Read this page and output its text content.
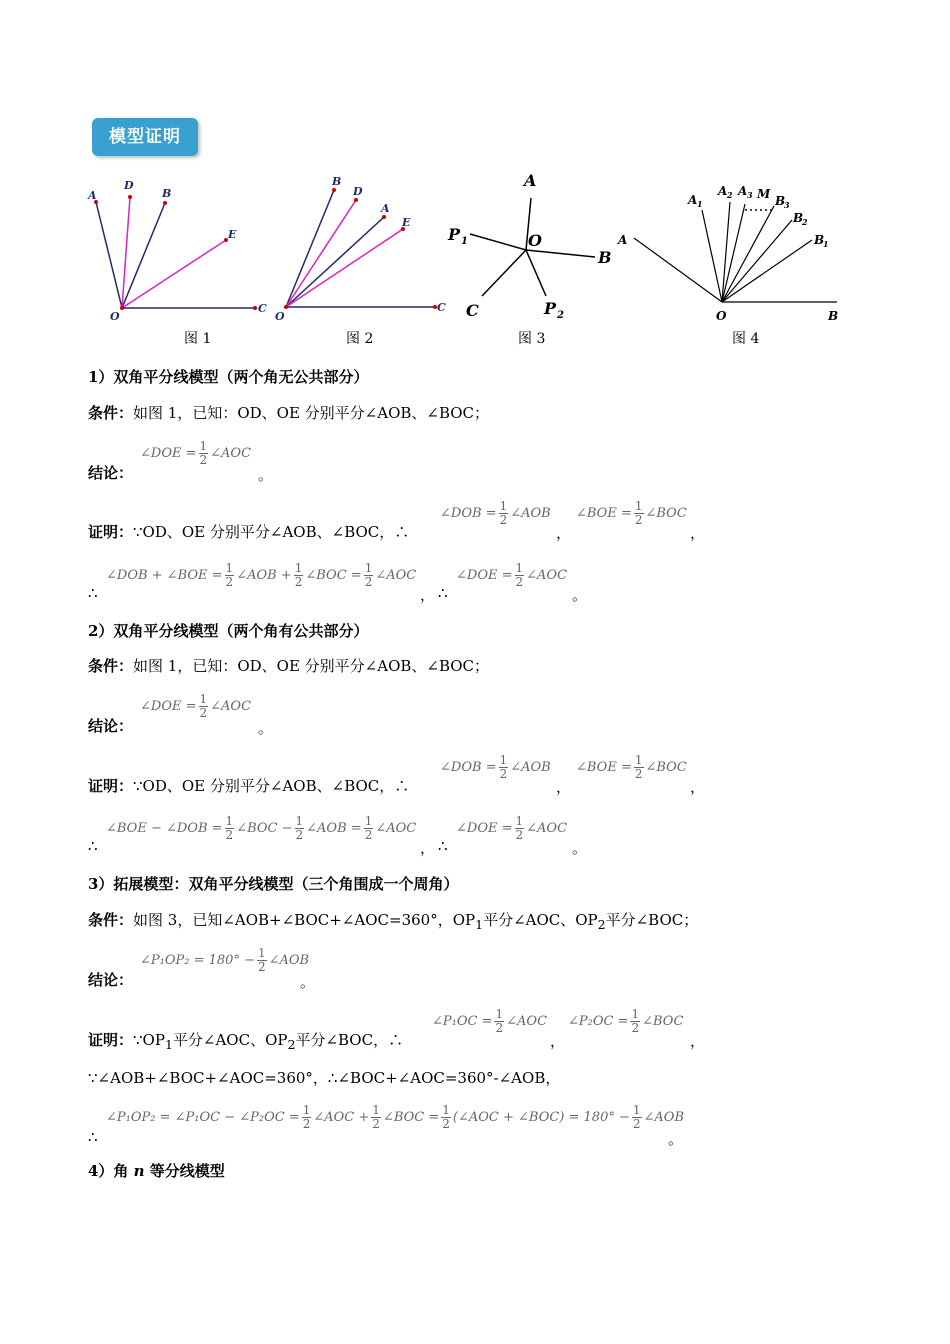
模型证明
A
D
B
E
O
C
图 1
B
D
A
E
O
C
图 2
A
P 1	O
B
C	P 2
图 3
A
A 1
A 2 A 3 M B
3
B
2
B
1
O	B
图 4
1）双角平分线模型（两个角无公共部分）
条件：如图 1，已知：OD、OE 分别平分∠AOB、∠BOC；
结论：
∠DOE = $\frac{1}{2}$ ∠AOC
。
证明：∵OD、OE 分别平分∠AOB、∠BOC，∴
∠DOB = $\frac{1}{2}$ ∠AOB
，
∠BOE = $\frac{1}{2}$ ∠BOC
，
∴
∠DOB + ∠BOE = $\frac{1}{2}$ ∠AOB + $\frac{1}{2}$ ∠BOC = $\frac{1}{2}$ ∠AOC
， ∴
∠DOE = $\frac{1}{2}$ ∠AOC
。
2）双角平分线模型（两个角有公共部分）
条件：如图 1，已知：OD、OE 分别平分∠AOB、∠BOC；
结论：
∠DOE = $\frac{1}{2}$ ∠AOC
。
证明：∵OD、OE 分别平分∠AOB、∠BOC，∴
∠DOB = $\frac{1}{2}$ ∠AOB
，
∠BOE = $\frac{1}{2}$ ∠BOC
，
∴
∠BOE − ∠DOB = $\frac{1}{2}$ ∠BOC − $\frac{1}{2}$ ∠AOB = $\frac{1}{2}$ ∠AOC
， ∴
∠DOE = $\frac{1}{2}$ ∠AOC
。
3）拓展模型：双角平分线模型（三个角围成一个周角）
条件：如图 3，已知∠AOB+∠BOC+∠AOC=360°，$OP_1$平分∠AOC、$OP_2$平分∠BOC；
结论：
∠P₁OP₂ = $180^\circ - \frac{1}{2}$ ∠AOB
。
证明：$\because OP_1$平分∠AOC、$OP_2$平分∠BOC，∴
∠P₁OC = $\frac{1}{2}$ ∠AOC
，
∠P₂OC = $\frac{1}{2}$ ∠BOC
，
∵∠AOB+∠BOC+∠AOC=360°，∴∠BOC+∠AOC=360°-∠AOB，
∴
∠P₁OP₂ = ∠P₁OC − ∠P₂OC = $\frac{1}{2}$ ∠AOC + $\frac{1}{2}$ ∠BOC = $\frac{1}{2}$ (∠AOC + ∠BOC) = $180^\circ - \frac{1}{2}$ ∠AOB
。
4）角 n 等分线模型
